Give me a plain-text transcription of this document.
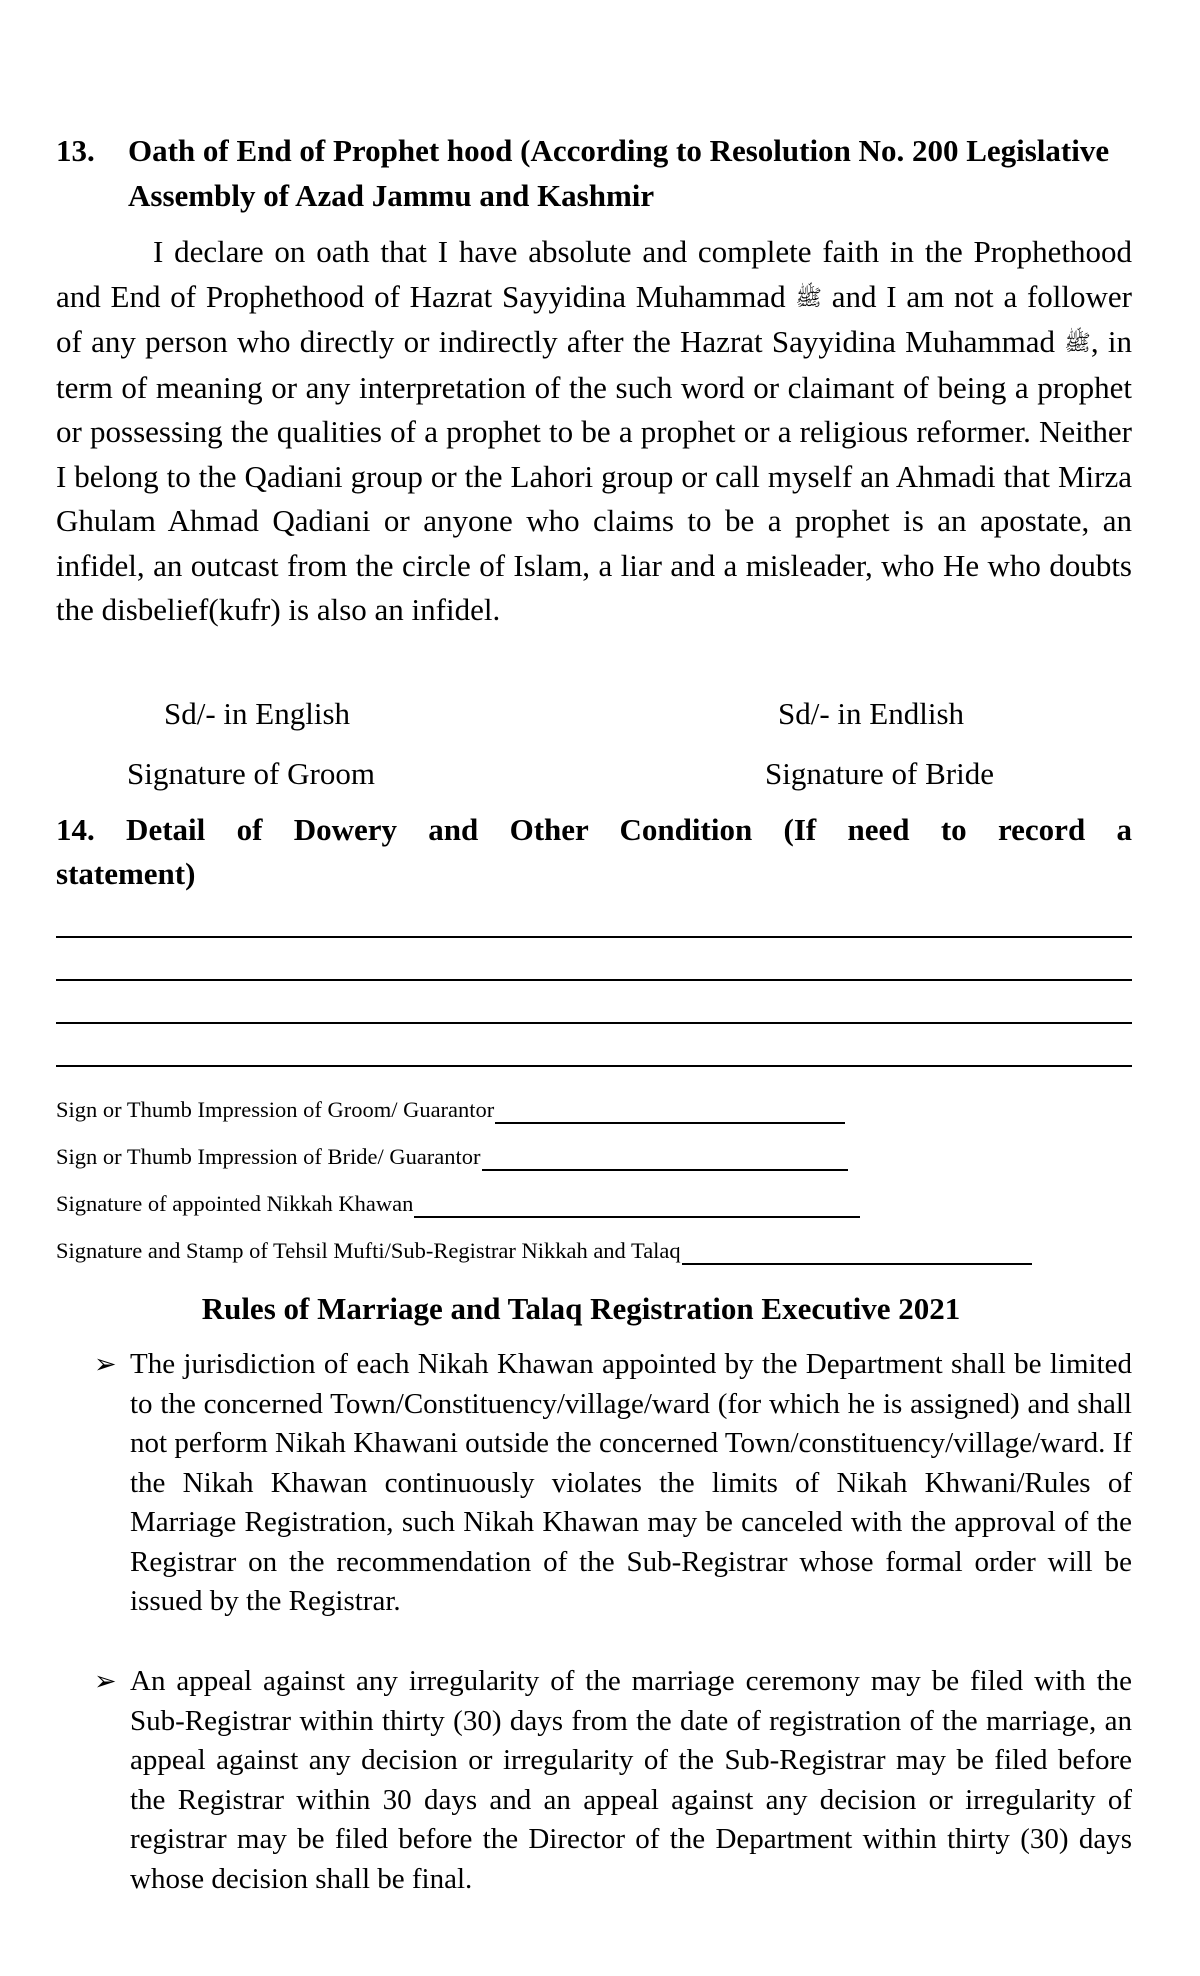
13. Oath of End of Prophet hood (According to Resolution No. 200 Legislative Assembly of Azad Jammu and Kashmir
I declare on oath that I have absolute and complete faith in the Prophethood and End of Prophethood of Hazrat Sayyidina Muhammad ﷺ and I am not a follower of any person who directly or indirectly after the Hazrat Sayyidina Muhammad ﷺ, in term of meaning or any interpretation of the such word or claimant of being a prophet or possessing the qualities of a prophet to be a prophet or a religious reformer. Neither I belong to the Qadiani group or the Lahori group or call myself an Ahmadi that Mirza Ghulam Ahmad Qadiani or anyone who claims to be a prophet is an apostate, an infidel, an outcast from the circle of Islam, a liar and a misleader, who He who doubts the disbelief(kufr) is also an infidel.
Sd/- in English	Sd/- in Endlish
Signature of Groom	Signature of Bride
14. Detail of Dowery and Other Condition (If need to record a
statement)
Sign or Thumb Impression of Groom/ Guarantor
Sign or Thumb Impression of Bride/ Guarantor
Signature of appointed Nikkah Khawan
Signature and Stamp of Tehsil Mufti/Sub-Registrar Nikkah and Talaq
Rules of Marriage and Talaq Registration Executive 2021
➢ The jurisdiction of each Nikah Khawan appointed by the Department shall be limited to the concerned Town/Constituency/village/ward (for which he is assigned) and shall not perform Nikah Khawani outside the concerned Town/constituency/village/ward. If the Nikah Khawan continuously violates the limits of Nikah Khwani/Rules of Marriage Registration, such Nikah Khawan may be canceled with the approval of the Registrar on the recommendation of the Sub-Registrar whose formal order will be issued by the Registrar.
➢ An appeal against any irregularity of the marriage ceremony may be filed with the Sub-Registrar within thirty (30) days from the date of registration of the marriage, an appeal against any decision or irregularity of the Sub-Registrar may be filed before the Registrar within 30 days and an appeal against any decision or irregularity of registrar may be filed before the Director of the Department within thirty (30) days whose decision shall be final.
